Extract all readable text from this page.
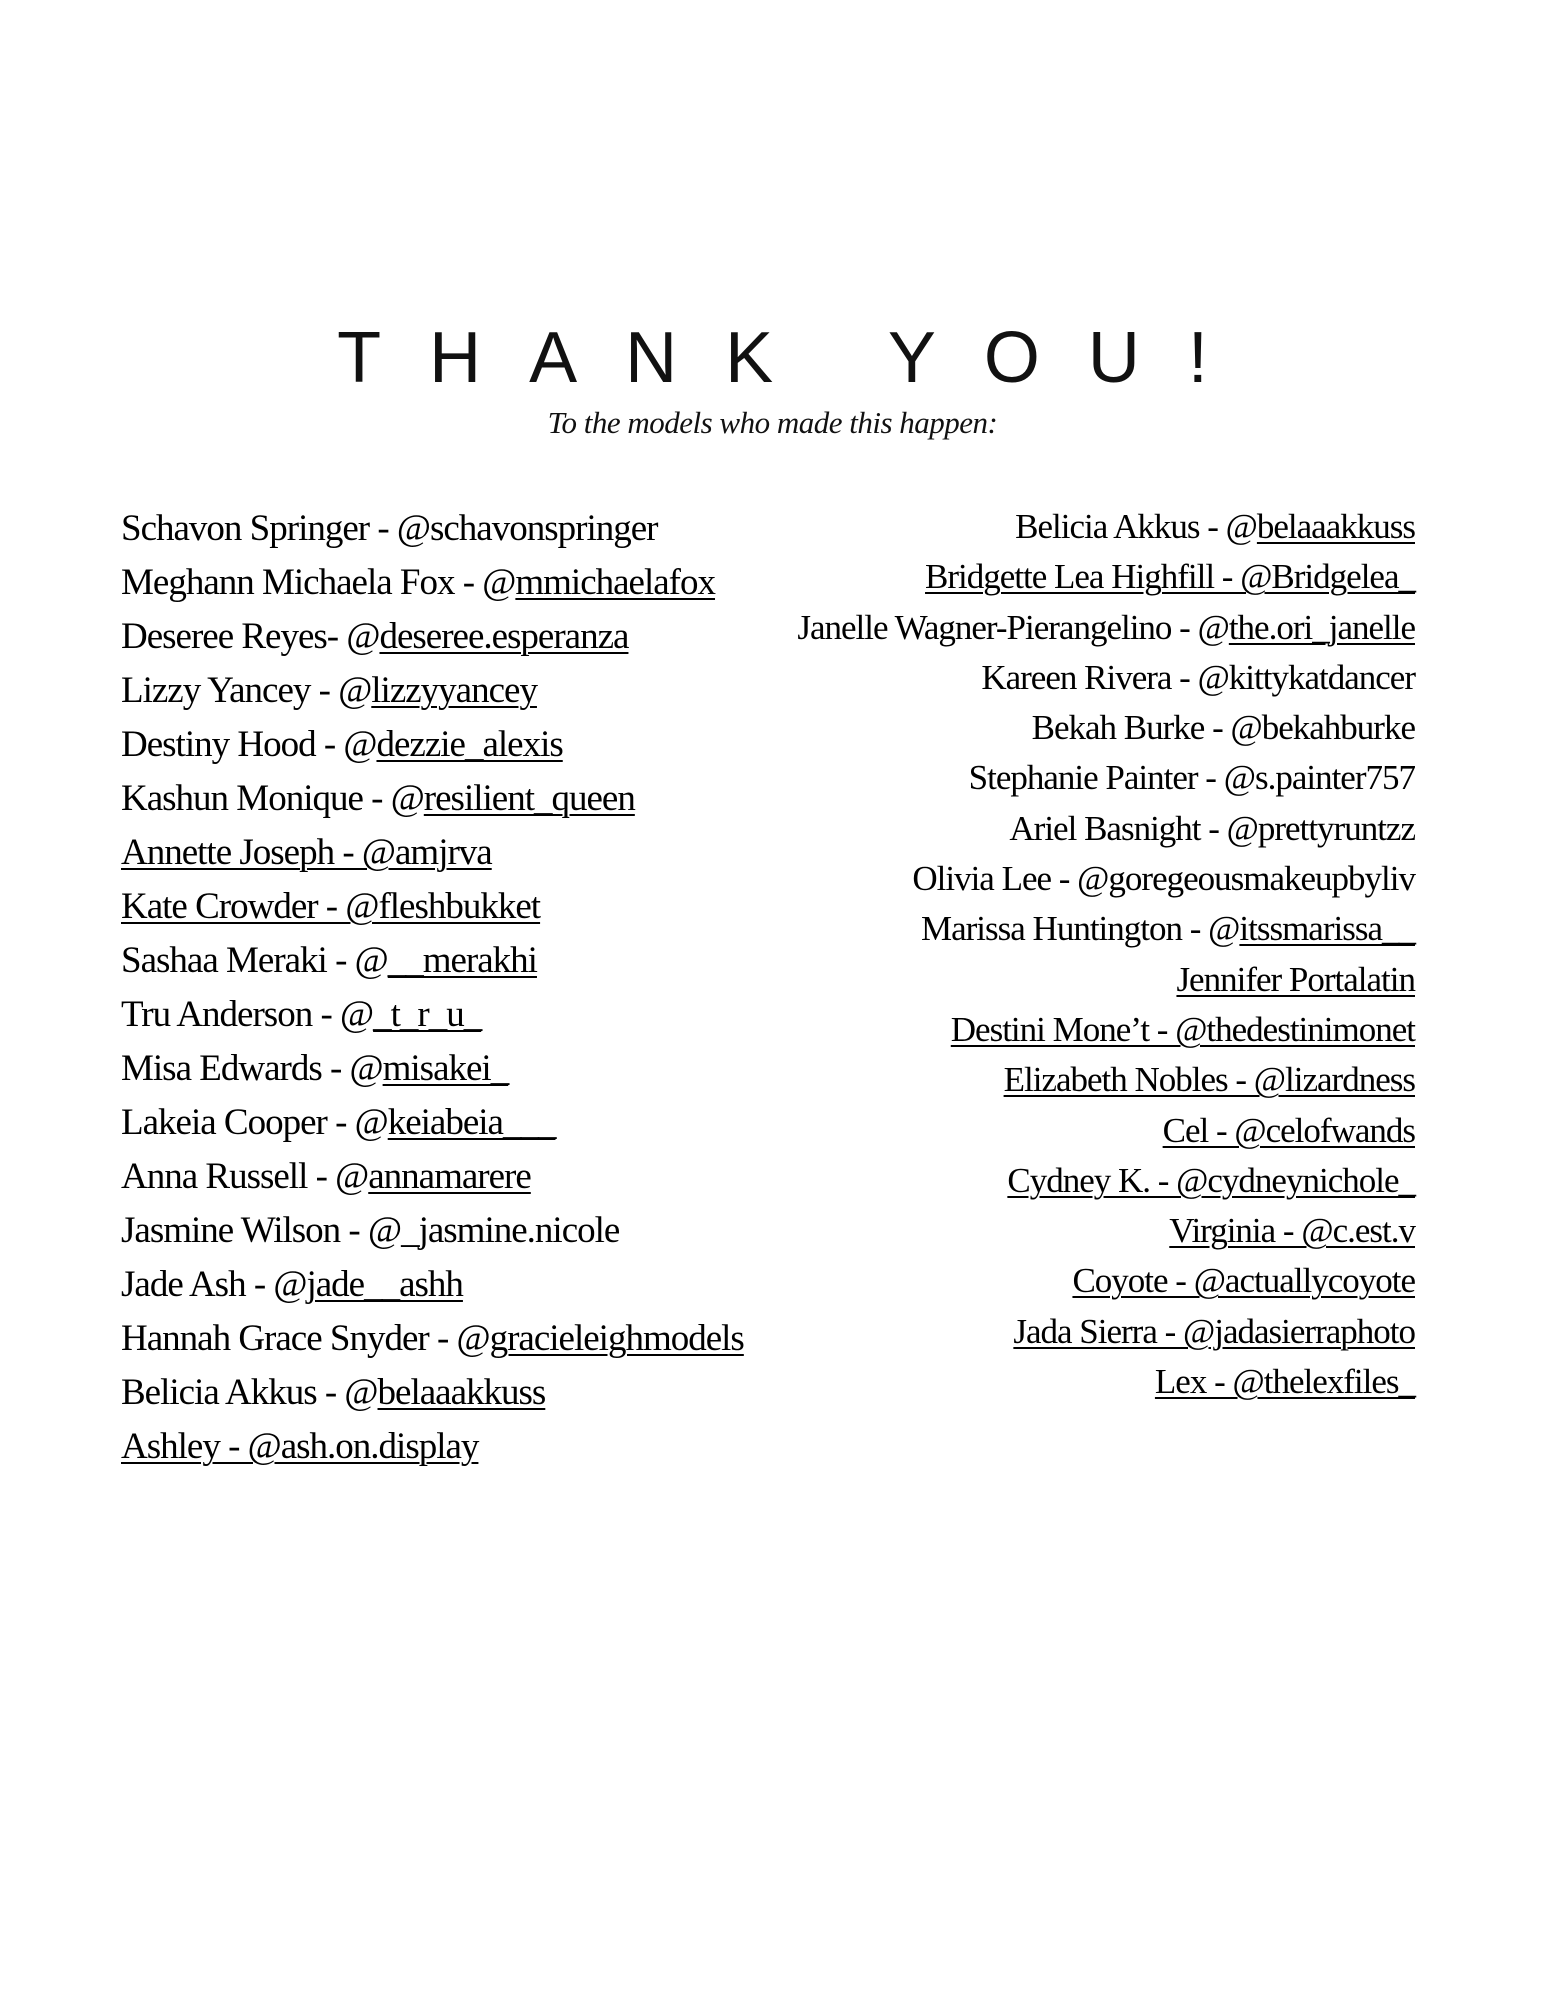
THANK YOU!
To the models who made this happen:
Schavon Springer - @schavonspringer
Meghann Michaela Fox - @mmichaelafox
Deseree Reyes- @deseree.esperanza
Lizzy Yancey - @lizzyyancey
Destiny Hood - @dezzie_alexis
Kashun Monique - @resilient_queen
Annette Joseph - @amjrva
Kate Crowder - @fleshbukket
Sashaa Meraki - @__merakhi
Tru Anderson - @_t_r_u_
Misa Edwards - @misakei_
Lakeia Cooper - @keiabeia___
Anna Russell - @annamarere
Jasmine Wilson - @_jasmine.nicole
Jade Ash - @jade__ashh
Hannah Grace Snyder - @gracieleighmodels
Belicia Akkus - @belaaakkuss
Ashley - @ash.on.display
Belicia Akkus - @belaaakkuss
Bridgette Lea Highfill - @Bridgelea_
Janelle Wagner-Pierangelino - @the.ori_janelle
Kareen Rivera - @kittykatdancer
Bekah Burke - @bekahburke
Stephanie Painter - @s.painter757
Ariel Basnight - @prettyruntzz
Olivia Lee - @goregeousmakeupbyliv
Marissa Huntington - @itssmarissa__
Jennifer Portalatin
Destini Mone’t - @thedestinimonet
Elizabeth Nobles - @lizardness
Cel - @celofwands
Cydney K. - @cydneynichole_
Virginia - @c.est.v
Coyote - @actuallycoyote
Jada Sierra - @jadasierraphoto
Lex - @thelexfiles_
